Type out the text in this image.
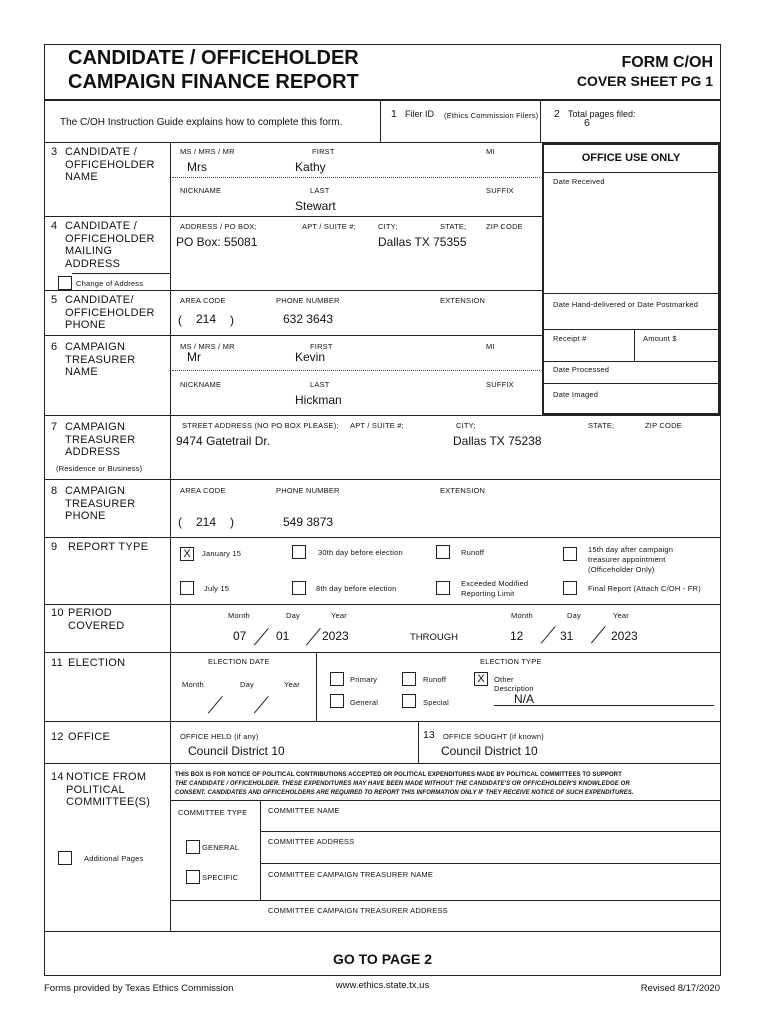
CANDIDATE / OFFICEHOLDER
CAMPAIGN FINANCE REPORT
FORM C/OH
COVER SHEET PG 1
The C/OH Instruction Guide explains how to complete this form.
1 Filer ID (Ethics Commission Filers) 2 Total pages filed:
6
OFFICE USE ONLY
Date Received
Date Hand-delivered or Date Postmarked
Receipt #	Amount $
Date Processed
Date Imaged
3 CANDIDATE / OFFICEHOLDER NAME
MS / MRS / MR	FIRST	MI
Mrs	Kathy
NICKNAME	LAST	SUFFIX
Stewart
4 CANDIDATE / OFFICEHOLDER MAILING ADDRESS
ADDRESS / PO BOX;	APT / SUITE #;	CITY;	STATE;	ZIP CODE
PO Box: 55081	Dallas TX 75355
Change of Address
5 CANDIDATE/ OFFICEHOLDER PHONE
AREA CODE	PHONE NUMBER	EXTENSION
( 214 )	632 3643
6 CAMPAIGN TREASURER NAME
MS / MRS / MR	FIRST	MI
Mr	Kevin
NICKNAME	LAST	SUFFIX
Hickman
7 CAMPAIGN TREASURER ADDRESS
(Residence or Business)
STREET ADDRESS (NO PO BOX PLEASE); APT / SUITE #;	CITY;	STATE;	ZIP CODE
9474 Gatetrail Dr.	Dallas TX 75238
8 CAMPAIGN TREASURER PHONE
AREA CODE	PHONE NUMBER	EXTENSION
( 214 )	549 3873
9 REPORT TYPE
X	January 15	30th day before election	Runoff	15th day after campaign treasurer appointment (Officeholder Only)
July 15	8th day before election
Exceeded Modified Reporting Limit
Final Report (Attach C/OH - FR)
10 PERIOD COVERED
Month	Day	Year
07 01	2023	THROUGH
Month	Day	Year
12	31	2023
11 ELECTION	ELECTION DATE	ELECTION TYPE
Month	Day	Year
Primary	Runoff	X	Other
Description
N/A
General	Special
12 OFFICE	OFFICE HELD (if any)
Council District 10
13 OFFICE SOUGHT (if known)
Council District 10
14 NOTICE FROM POLITICAL COMMITTEE(S)
THIS BOX IS FOR NOTICE OF POLITICAL CONTRIBUTIONS ACCEPTED OR POLITICAL EXPENDITURES MADE BY POLITICAL COMMITTEES TO SUPPORT
THE CANDIDATE / OFFICEHOLDER. THESE EXPENDITURES MAY HAVE BEEN MADE WITHOUT THE CANDIDATE'S OR OFFICEHOLDER'S KNOWLEDGE OR
CONSENT. CANDIDATES AND OFFICEHOLDERS ARE REQUIRED TO REPORT THIS INFORMATION ONLY IF THEY RECEIVE NOTICE OF SUCH EXPENDITURES.
COMMITTEE TYPE	COMMITTEE NAME
COMMITTEE ADDRESS
GENERAL
SPECIFIC	COMMITTEE CAMPAIGN TREASURER NAME
COMMITTEE CAMPAIGN TREASURER ADDRESS
Additional Pages
GO TO PAGE 2
Forms provided by Texas Ethics Commission	www.ethics.state.tx.us	Revised 8/17/2020
